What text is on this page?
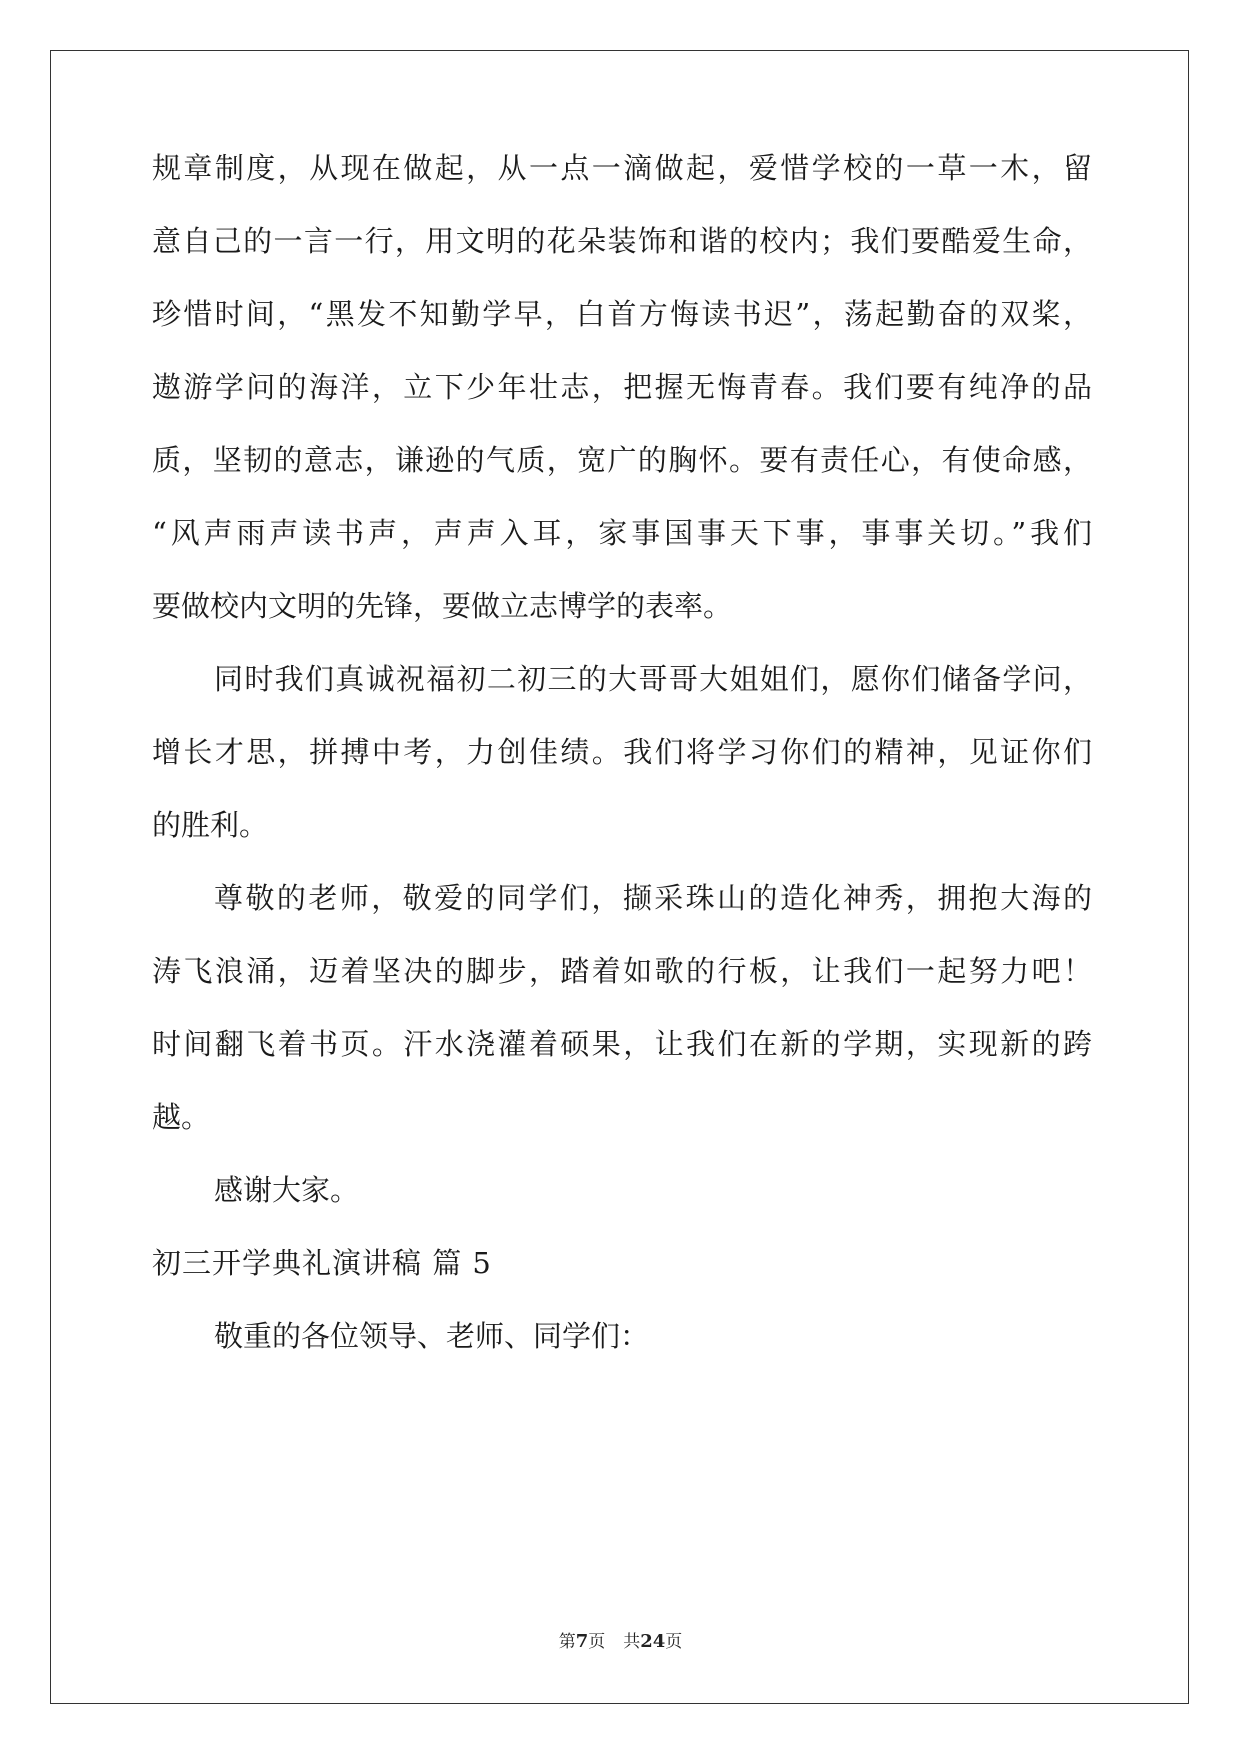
规章制度，从现在做起，从一点一滴做起，爱惜学校的一草一木，留

意自己的一言一行，用文明的花朵装饰和谐的校内；我们要酷爱生命，

珍惜时间，“黑发不知勤学早，白首方悔读书迟”，荡起勤奋的双桨，

遨游学问的海洋，立下少年壮志，把握无悔青春。我们要有纯净的品

质，坚韧的意志，谦逊的气质，宽广的胸怀。要有责任心，有使命感，

“风声雨声读书声，声声入耳，家事国事天下事，事事关切。”我们

要做校内文明的先锋，要做立志博学的表率。

同时我们真诚祝福初二初三的大哥哥大姐姐们，愿你们储备学问，

增长才思，拼搏中考，力创佳绩。我们将学习你们的精神，见证你们

的胜利。

尊敬的老师，敬爱的同学们，撷采珠山的造化神秀，拥抱大海的

涛飞浪涌，迈着坚决的脚步，踏着如歌的行板，让我们一起努力吧！

时间翻飞着书页。汗水浇灌着硕果，让我们在新的学期，实现新的跨

越。

感谢大家。

初三开学典礼演讲稿 篇 5

敬重的各位领导、老师、同学们：

第7页 共24页
